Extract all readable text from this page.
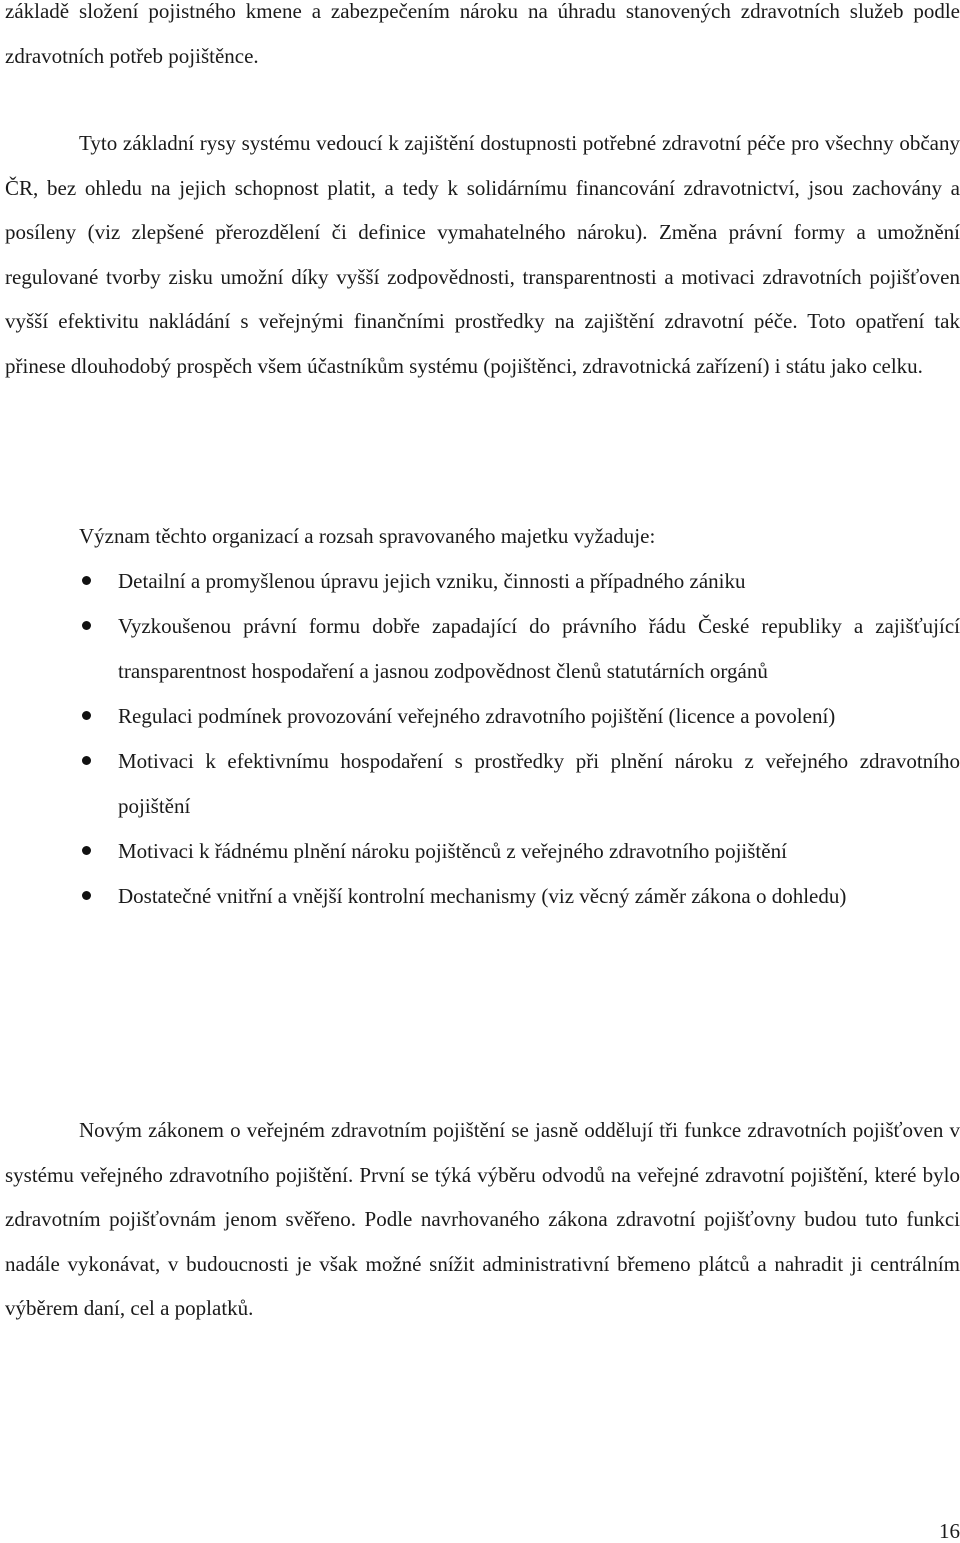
základě složení pojistného kmene a zabezpečením nároku na úhradu stanovených zdravotních služeb podle zdravotních potřeb pojištěnce.

Tyto základní rysy systému vedoucí k zajištění dostupnosti potřebné zdravotní péče pro všechny občany ČR, bez ohledu na jejich schopnost platit, a tedy k solidárnímu financování zdravotnictví, jsou zachovány a posíleny (viz zlepšené přerozdělení či definice vymahatelného nároku). Změna právní formy a umožnění regulované tvorby zisku umožní díky vyšší zodpovědnosti, transparentnosti a motivaci zdravotních pojišťoven vyšší efektivitu nakládání s veřejnými finančními prostředky na zajištění zdravotní péče. Toto opatření tak přinese dlouhodobý prospěch všem účastníkům systému (pojištěnci, zdravotnická zařízení) i státu jako celku.

Význam těchto organizací a rozsah spravovaného majetku vyžaduje:

Detailní a promyšlenou úpravu jejich vzniku, činnosti a případného zániku
Vyzkoušenou právní formu dobře zapadající do právního řádu České republiky a zajišťující transparentnost hospodaření a jasnou zodpovědnost členů statutárních orgánů
Regulaci podmínek provozování veřejného zdravotního pojištění (licence a povolení)
Motivaci k efektivnímu hospodaření s prostředky při plnění nároku z veřejného zdravotního pojištění
Motivaci k řádnému plnění nároku pojištěnců z veřejného zdravotního pojištění
Dostatečné vnitřní a vnější kontrolní mechanismy (viz věcný záměr zákona o dohledu)

Novým zákonem o veřejném zdravotním pojištění se jasně oddělují tři funkce zdravotních pojišťoven v systému veřejného zdravotního pojištění. První se týká výběru odvodů na veřejné zdravotní pojištění, které bylo zdravotním pojišťovnám jenom svěřeno. Podle navrhovaného zákona zdravotní pojišťovny budou tuto funkci nadále vykonávat, v budoucnosti je však možné snížit administrativní břemeno plátců a nahradit ji centrálním výběrem daní, cel a poplatků.

16
